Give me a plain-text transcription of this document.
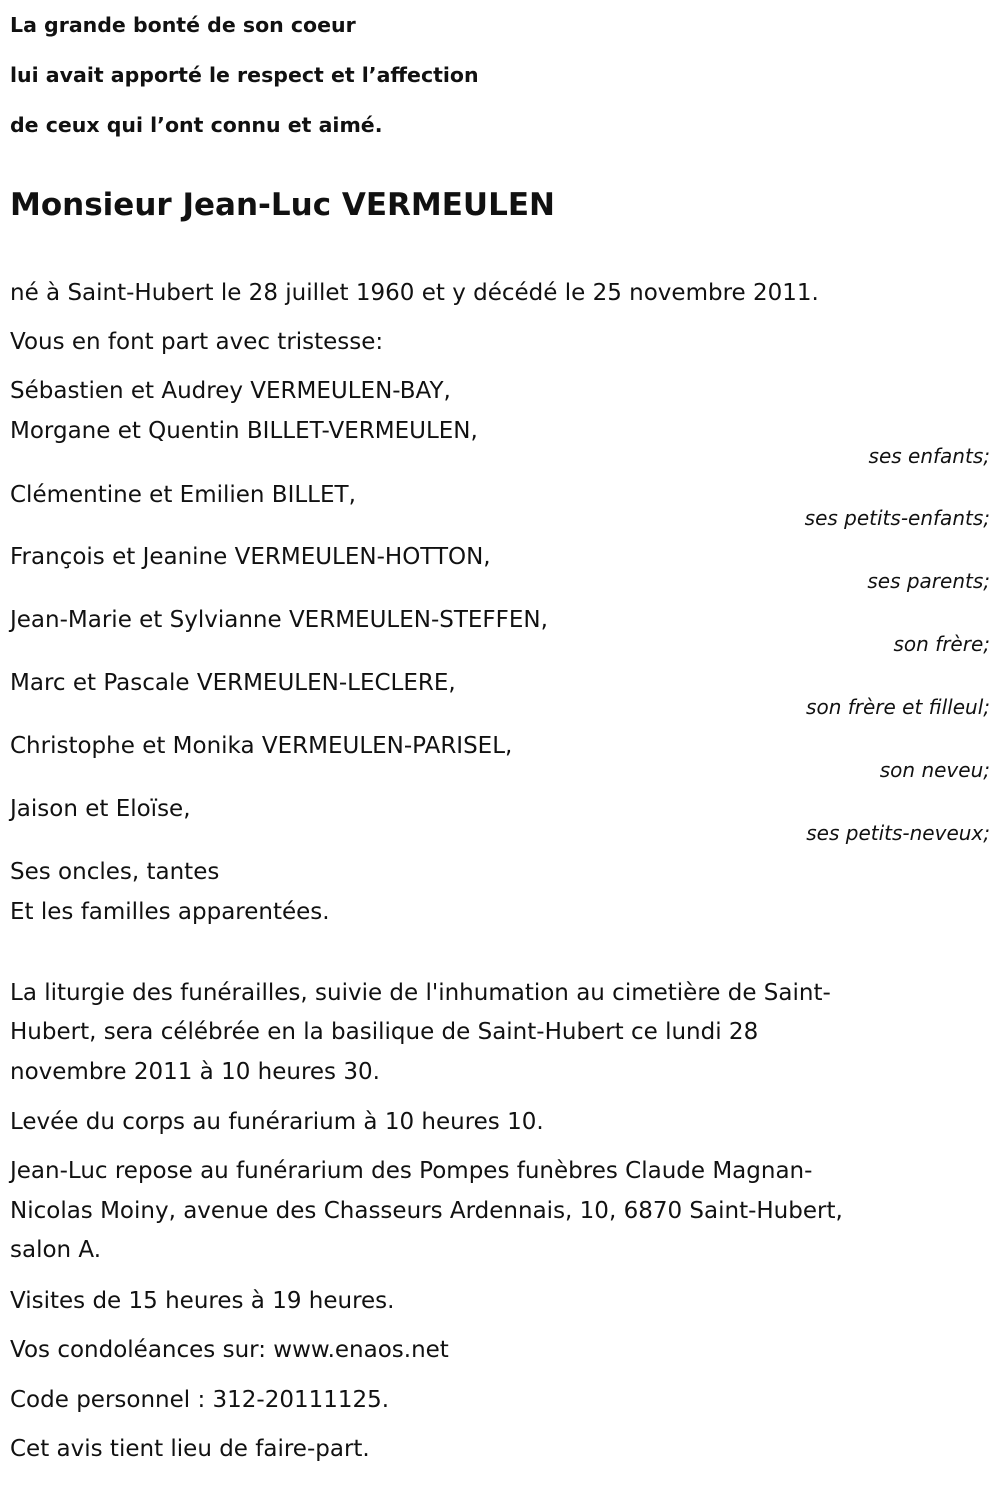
La grande bonté de son coeur
lui avait apporté le respect et l’affection
de ceux qui l’ont connu et aimé.
Monsieur Jean-Luc VERMEULEN
né à Saint-Hubert le 28 juillet 1960 et y décédé le 25 novembre 2011.
Vous en font part avec tristesse:
Sébastien et Audrey VERMEULEN-BAY,
Morgane et Quentin BILLET-VERMEULEN,
ses enfants;
Clémentine et Emilien BILLET,
ses petits-enfants;
François et Jeanine VERMEULEN-HOTTON,
ses parents;
Jean-Marie et Sylvianne VERMEULEN-STEFFEN,
son frère;
Marc et Pascale VERMEULEN-LECLERE,
son frère et filleul;
Christophe et Monika VERMEULEN-PARISEL,
son neveu;
Jaison et Eloïse,
ses petits-neveux;
Ses oncles, tantes
Et les familles apparentées.
La liturgie des funérailles, suivie de l'inhumation au cimetière de Saint-
Hubert, sera célébrée en la basilique de Saint-Hubert ce lundi 28
novembre 2011 à 10 heures 30.
Levée du corps au funérarium à 10 heures 10.
Jean-Luc repose au funérarium des Pompes funèbres Claude Magnan-
Nicolas Moiny, avenue des Chasseurs Ardennais, 10, 6870 Saint-Hubert,
salon A.
Visites de 15 heures à 19 heures.
Vos condoléances sur: www.enaos.net
Code personnel : 312-20111125.
Cet avis tient lieu de faire-part.
